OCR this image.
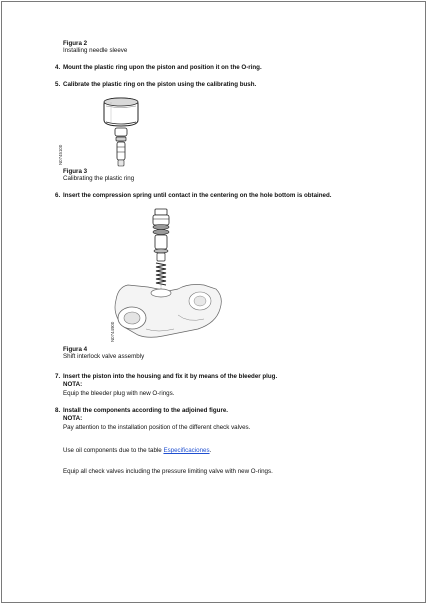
Figura 2
Installing needle sleeve
4. Mount the plastic ring upon the piston and position it on the O-ring.
5. Calibrate the plastic ring on the piston using the calibrating bush.
N0745100
Figura 3
Calibrating the plastic ring
6. Insert the compression spring until contact in the centering on the hole bottom is obtained.
N0744900
Figura 4
Shift interlock valve assembly
7. Insert the piston into the housing and fix it by means of the bleeder plug.
NOTA:
Equip the bleeder plug with new O-rings.
8. Install the components according to the adjoined figure.
NOTA:
Pay attention to the installation position of the different check valves.
Use oil components due to the table Especificaciones.
Equip all check valves including the pressure limiting valve with new O-rings.
